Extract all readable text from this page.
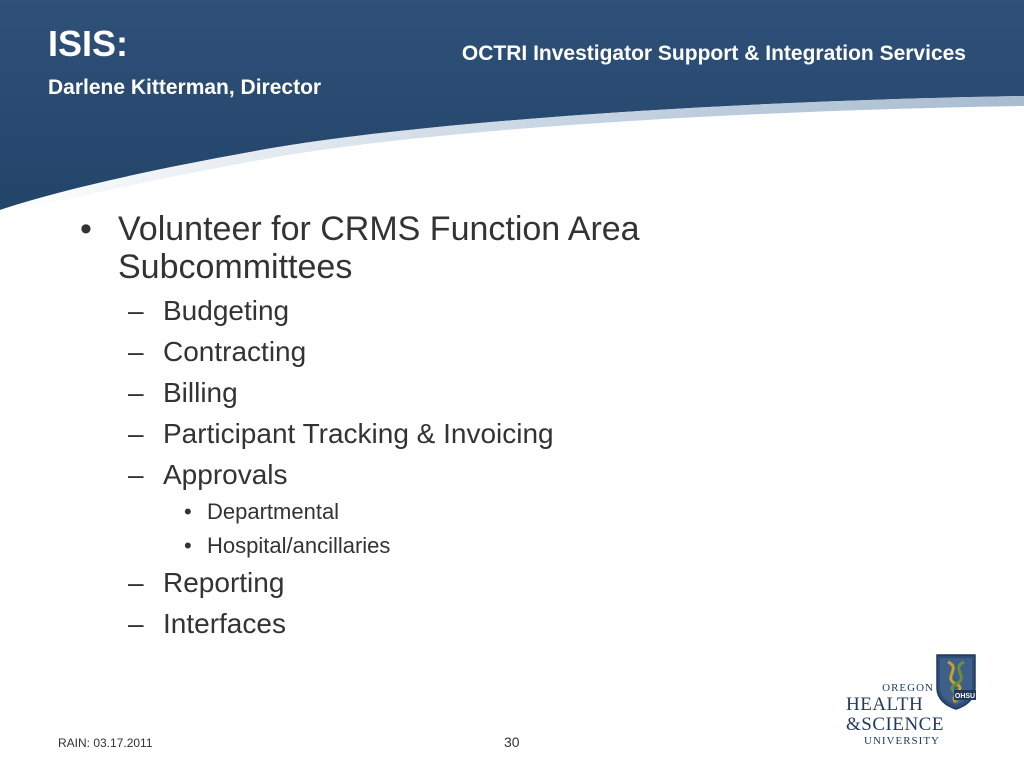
ISIS:	OCTRI Investigator Support & Integration Services
Darlene Kitterman, Director
• Volunteer for CRMS Function Area Subcommittees
– Budgeting
– Contracting
– Billing
– Participant Tracking & Invoicing
– Approvals
• Departmental
• Hospital/ancillaries
– Reporting
– Interfaces
RAIN: 03.17.2011	30
OHSU
OREGON
HEALTH
&SCIENCE
UNIVERSITY
